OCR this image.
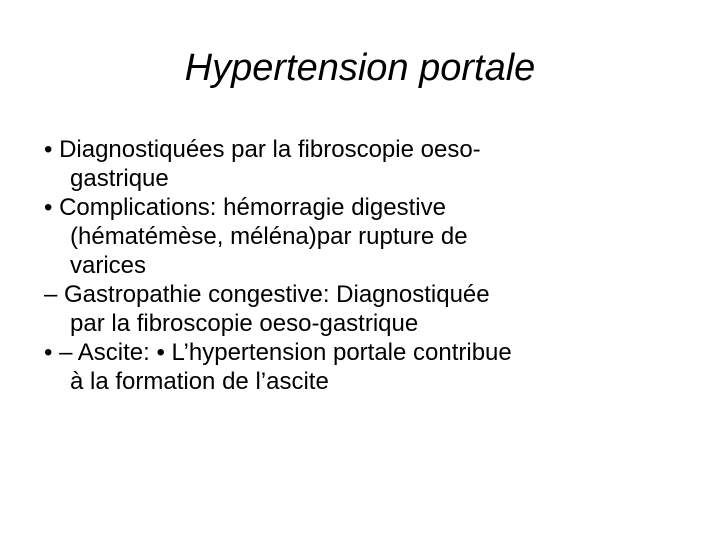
Hypertension portale
• Diagnostiquées par la fibroscopie oeso-
gastrique
• Complications: hémorragie digestive
(hématémèse, méléna)par rupture de
varices
– Gastropathie congestive: Diagnostiquée
par la fibroscopie oeso-gastrique
• – Ascite: • L’hypertension portale contribue
à la formation de l’ascite
